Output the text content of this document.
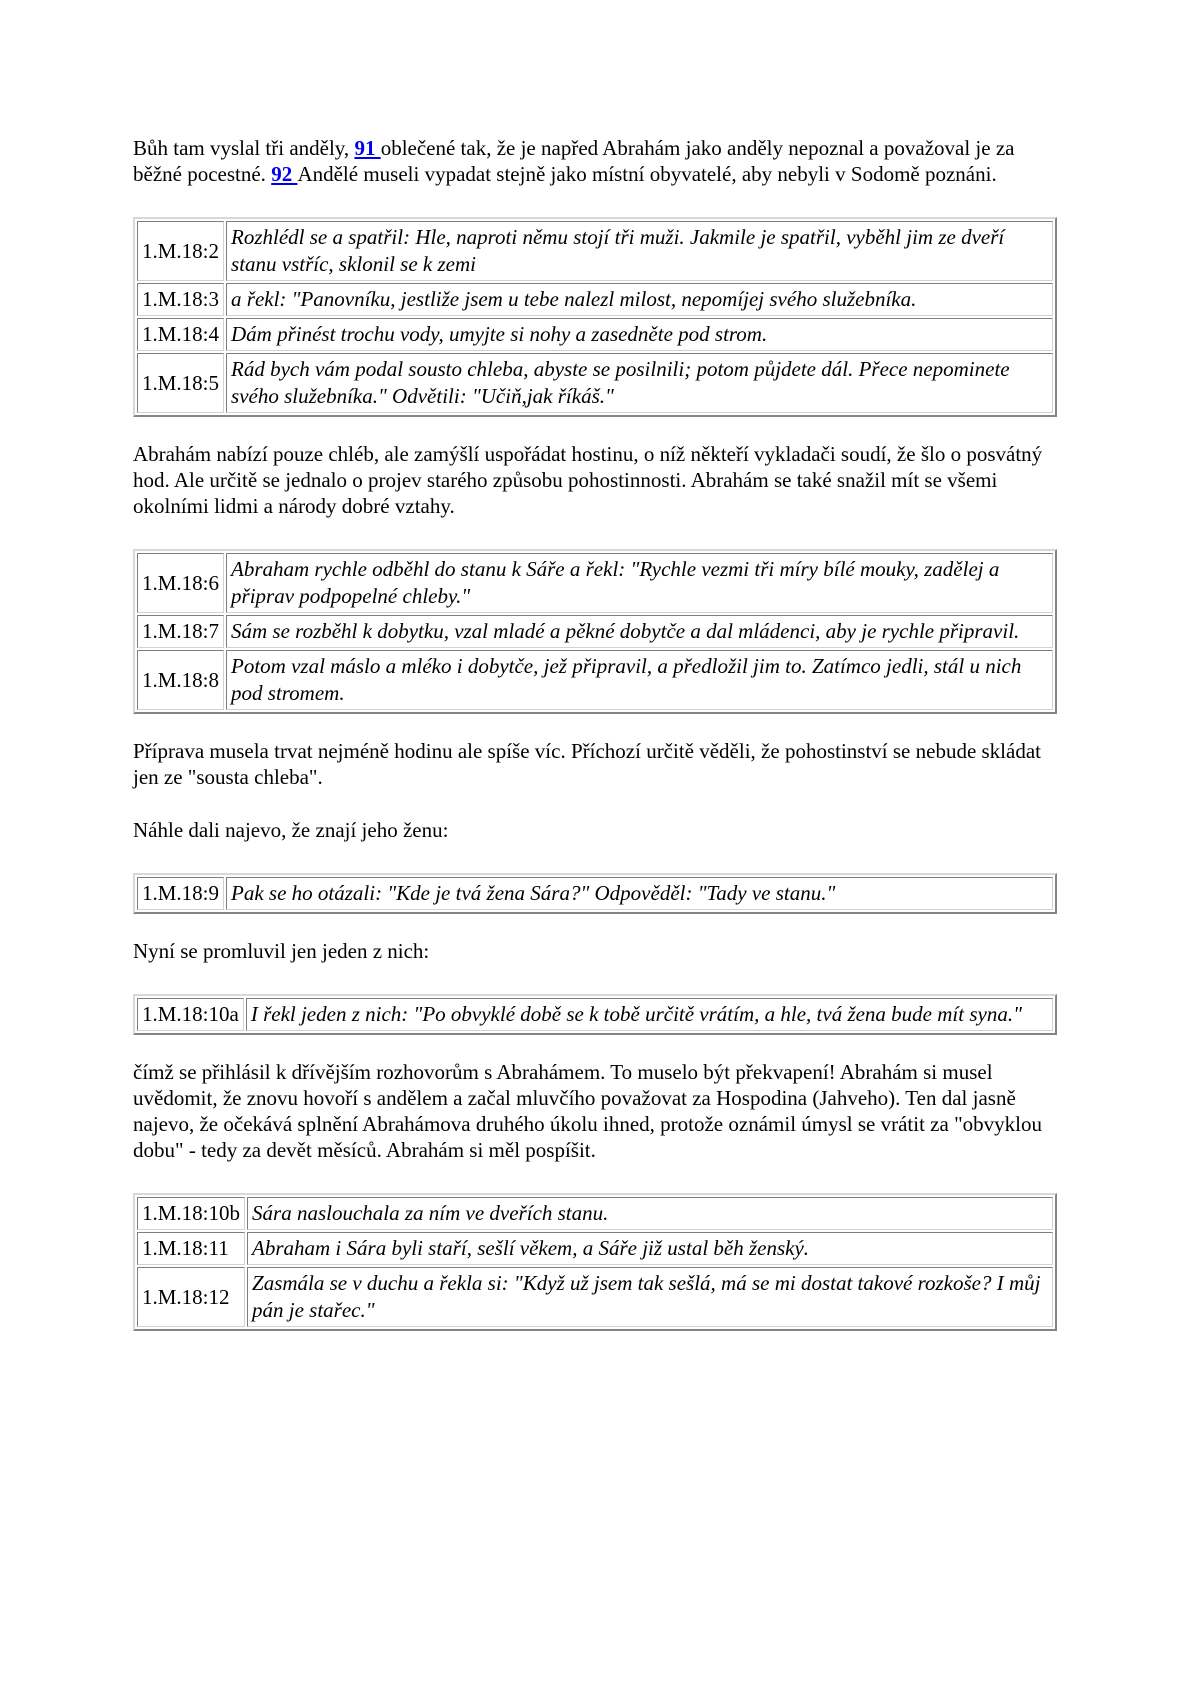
Bůh tam vyslal tři anděly, 91 oblečené tak, že je napřed Abrahám jako anděly nepoznal a považoval je za běžné pocestné. 92 Andělé museli vypadat stejně jako místní obyvatelé, aby nebyli v Sodomě poznáni.

1.M.18:2	Rozhlédl se a spatřil: Hle, naproti němu stojí tři muži. Jakmile je spatřil, vyběhl jim ze dveří stanu vstříc, sklonil se k zemi
1.M.18:3	a řekl: "Panovníku, jestliže jsem u tebe nalezl milost, nepomíjej svého služebníka.
1.M.18:4	Dám přinést trochu vody, umyjte si nohy a zasedněte pod strom.
1.M.18:5	Rád bych vám podal sousto chleba, abyste se posilnili; potom půjdete dál. Přece nepominete svého služebníka." Odvětili: "Učiň,jak říkáš."

Abrahám nabízí pouze chléb, ale zamýšlí uspořádat hostinu, o níž někteří vykladači soudí, že šlo o posvátný hod. Ale určitě se jednalo o projev starého způsobu pohostinnosti. Abrahám se také snažil mít se všemi okolními lidmi a národy dobré vztahy.

1.M.18:6	Abraham rychle odběhl do stanu k Sáře a řekl: "Rychle vezmi tři míry bílé mouky, zadělej a připrav podpopelné chleby."
1.M.18:7	Sám se rozběhl k dobytku, vzal mladé a pěkné dobytče a dal mládenci, aby je rychle připravil.
1.M.18:8	Potom vzal máslo a mléko i dobytče, jež připravil, a předložil jim to. Zatímco jedli, stál u nich pod stromem.

Příprava musela trvat nejméně hodinu ale spíše víc. Příchozí určitě věděli, že pohostinství se nebude skládat jen ze "sousta chleba".

Náhle dali najevo, že znají jeho ženu:

1.M.18:9	Pak se ho otázali: "Kde je tvá žena Sára?" Odpověděl: "Tady ve stanu."

Nyní se promluvil jen jeden z nich:

1.M.18:10a	I řekl jeden z nich: "Po obvyklé době se k tobě určitě vrátím, a hle, tvá žena bude mít syna."

čímž se přihlásil k dřívějším rozhovorům s Abrahámem. To muselo být překvapení! Abrahám si musel uvědomit, že znovu hovoří s andělem a začal mluvčího považovat za Hospodina (Jahveho). Ten dal jasně najevo, že očekává splnění Abrahámova druhého úkolu ihned, protože oznámil úmysl se vrátit za "obvyklou dobu" - tedy za devět měsíců. Abrahám si měl pospíšit.

1.M.18:10b	Sára naslouchala za ním ve dveřích stanu.
1.M.18:11	Abraham i Sára byli staří, sešlí věkem, a Sáře již ustal běh ženský.
1.M.18:12	Zasmála se v duchu a řekla si: "Když už jsem tak sešlá, má se mi dostat takové rozkoše? I můj pán je stařec."
